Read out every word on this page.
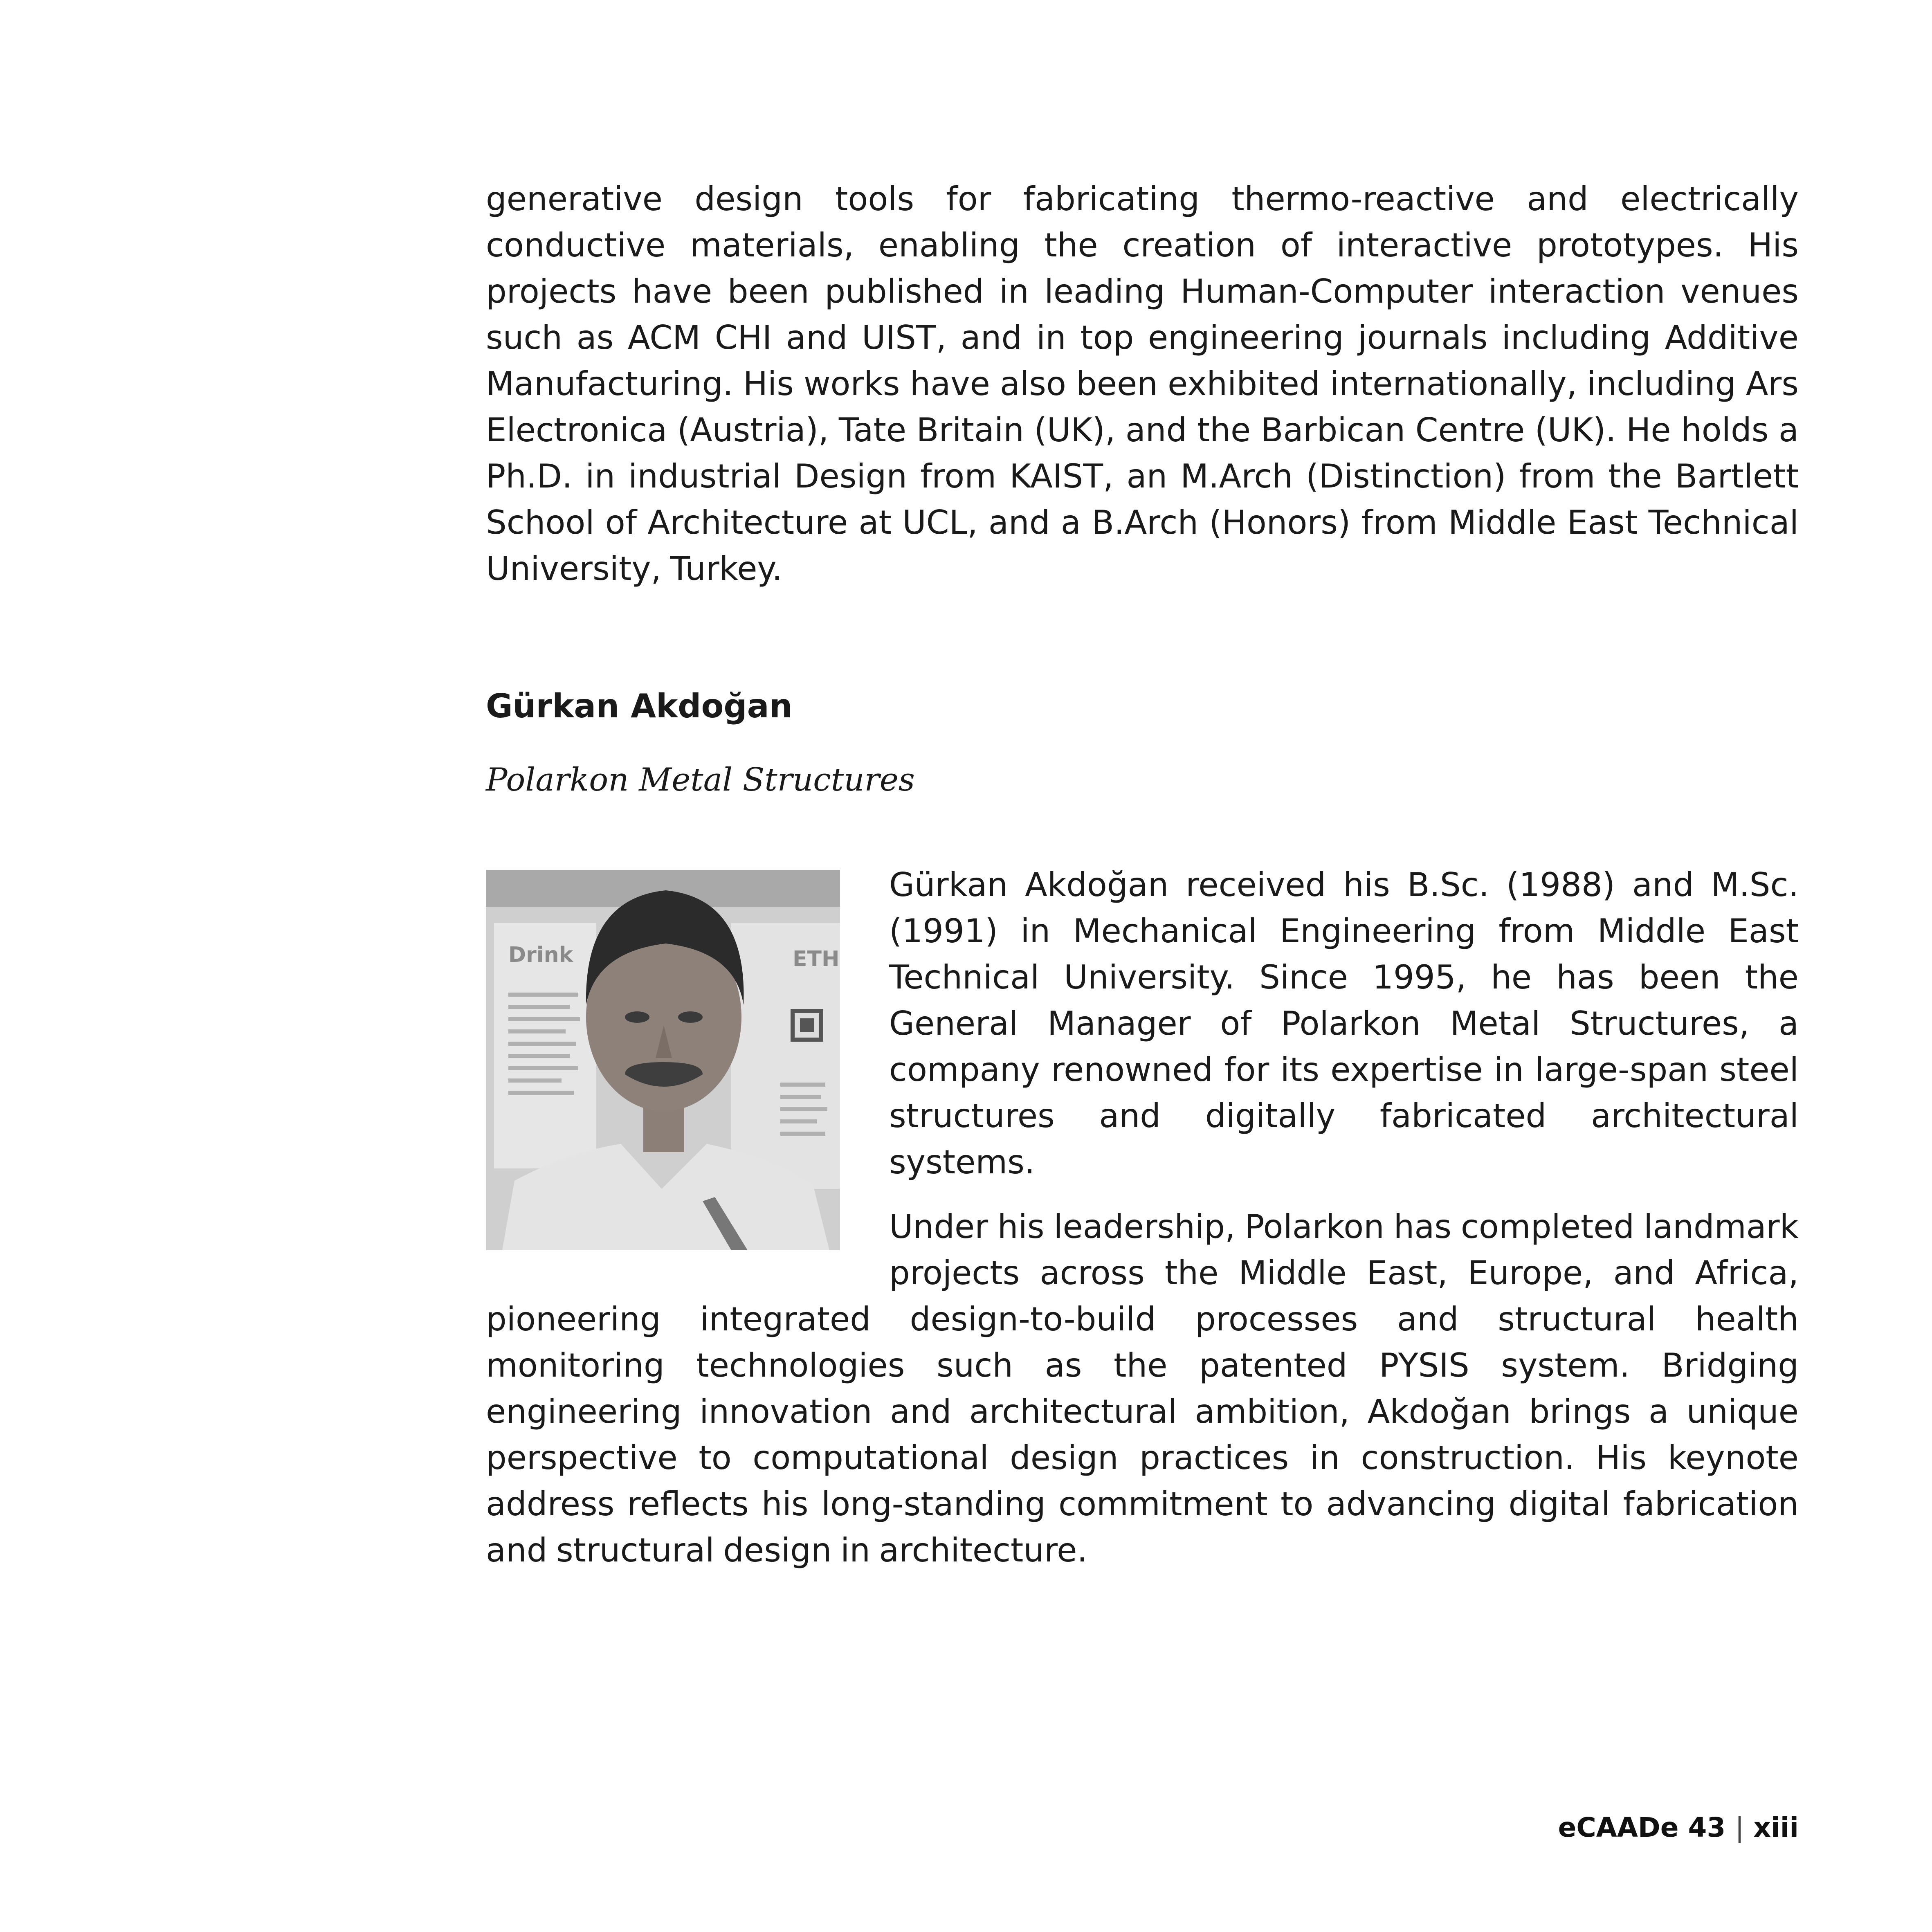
generative design tools for fabricating thermo-reactive and electrically conductive materials, enabling the creation of interactive prototypes. His projects have been published in leading Human-Computer interaction venues such as ACM CHI and UIST, and in top engineering journals including Additive Manufacturing. His works have also been exhibited internationally, including Ars Electronica (Austria), Tate Britain (UK), and the Barbican Centre (UK). He holds a Ph.D. in industrial Design from KAIST, an M.Arch (Distinction) from the Bartlett School of Architecture at UCL, and a B.Arch (Honors) from Middle East Technical University, Turkey.

Gürkan Akdoğan
Polarkon Metal Structures
Drink	ETH

Gürkan Akdoğan received his B.Sc. (1988) and M.Sc. (1991) in Mechanical Engineering from Middle East Technical University. Since 1995, he has been the General Manager of Polarkon Metal Structures, a company renowned for its expertise in large-span steel structures and digitally fabricated architectural systems.

Under his leadership, Polarkon has completed landmark projects across the Middle East, Europe, and Africa, pioneering integrated design-to-build processes and structural health monitoring technologies such as the patented PYSIS system. Bridging engineering innovation and architectural ambition, Akdoğan brings a unique perspective to computational design practices in construction. His keynote address reflects his long-standing commitment to advancing digital fabrication and structural design in architecture.

eCAADe 43 | xiii
